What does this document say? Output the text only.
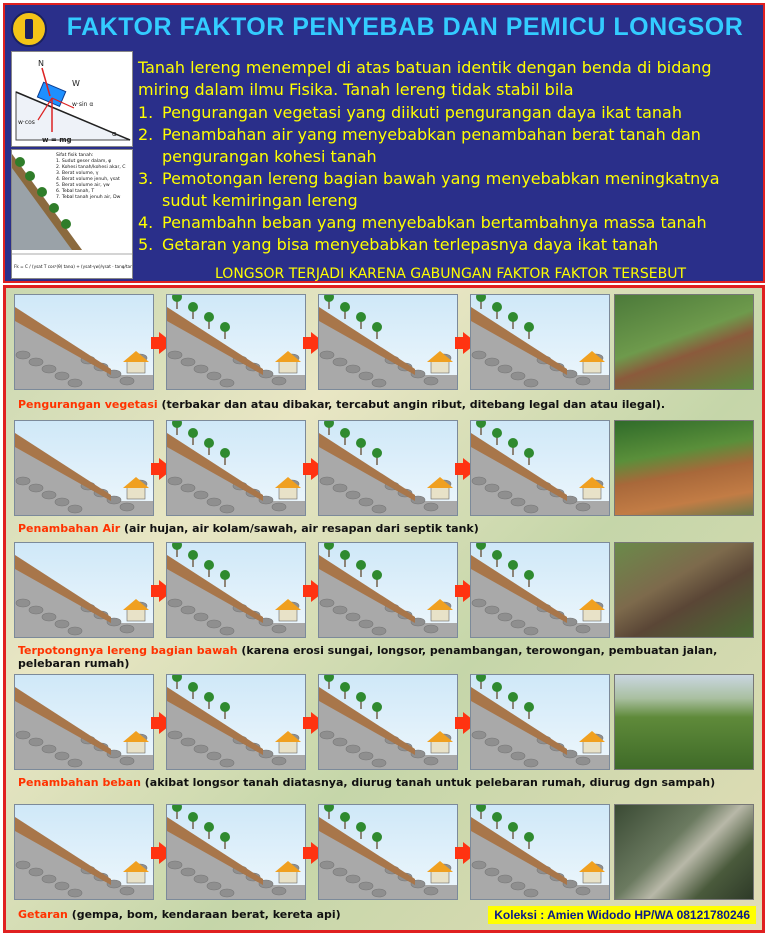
FAKTOR FAKTOR PENYEBAB DAN PEMICU LONGSOR
N
W
w·sin α
w·cos
w = mg
α
Sifat fisik tanah:
1. Sudut geser dalam, φ
2. Kohesi tanah/kohesi akar, C
3. Berat volume, γ
4. Berat volume jenuh, γsat
5. Berat volume air, γw
6. Tebal tanah, T
7. Tebal tanah jenuh air, Dw
Fk = C / (γsat T cos²(θ) tanα) + (γsat-γw)/γsat · tanφ/tanθ
Tanah lereng menempel di atas batuan identik dengan benda di bidang miring dalam ilmu Fisika. Tanah lereng tidak stabil bila
1. Pengurangan vegetasi yang diikuti pengurangan daya ikat tanah
2. Penambahan air yang menyebabkan penambahan berat tanah dan pengurangan kohesi tanah
3. Pemotongan lereng bagian bawah yang menyebabkan meningkatnya sudut kemiringan lereng
4. Penambahn beban yang menyebabkan bertambahnya massa tanah
5. Getaran yang bisa menyebabkan terlepasnya daya ikat tanah
LONGSOR TERJADI KARENA GABUNGAN FAKTOR FAKTOR TERSEBUT
Pengurangan vegetasi (terbakar dan atau dibakar, tercabut angin ribut, ditebang legal dan atau ilegal).
Penambahan Air (air hujan, air kolam/sawah, air resapan dari septik tank)
Terpotongnya lereng bagian bawah (karena erosi sungai, longsor, penambangan, terowongan, pembuatan jalan, pelebaran rumah)
Penambahan beban (akibat longsor tanah diatasnya, diurug tanah untuk pelebaran rumah, diurug dgn sampah)
Getaran (gempa, bom, kendaraan berat, kereta api)	Koleksi : Amien Widodo HP/WA 08121780246
